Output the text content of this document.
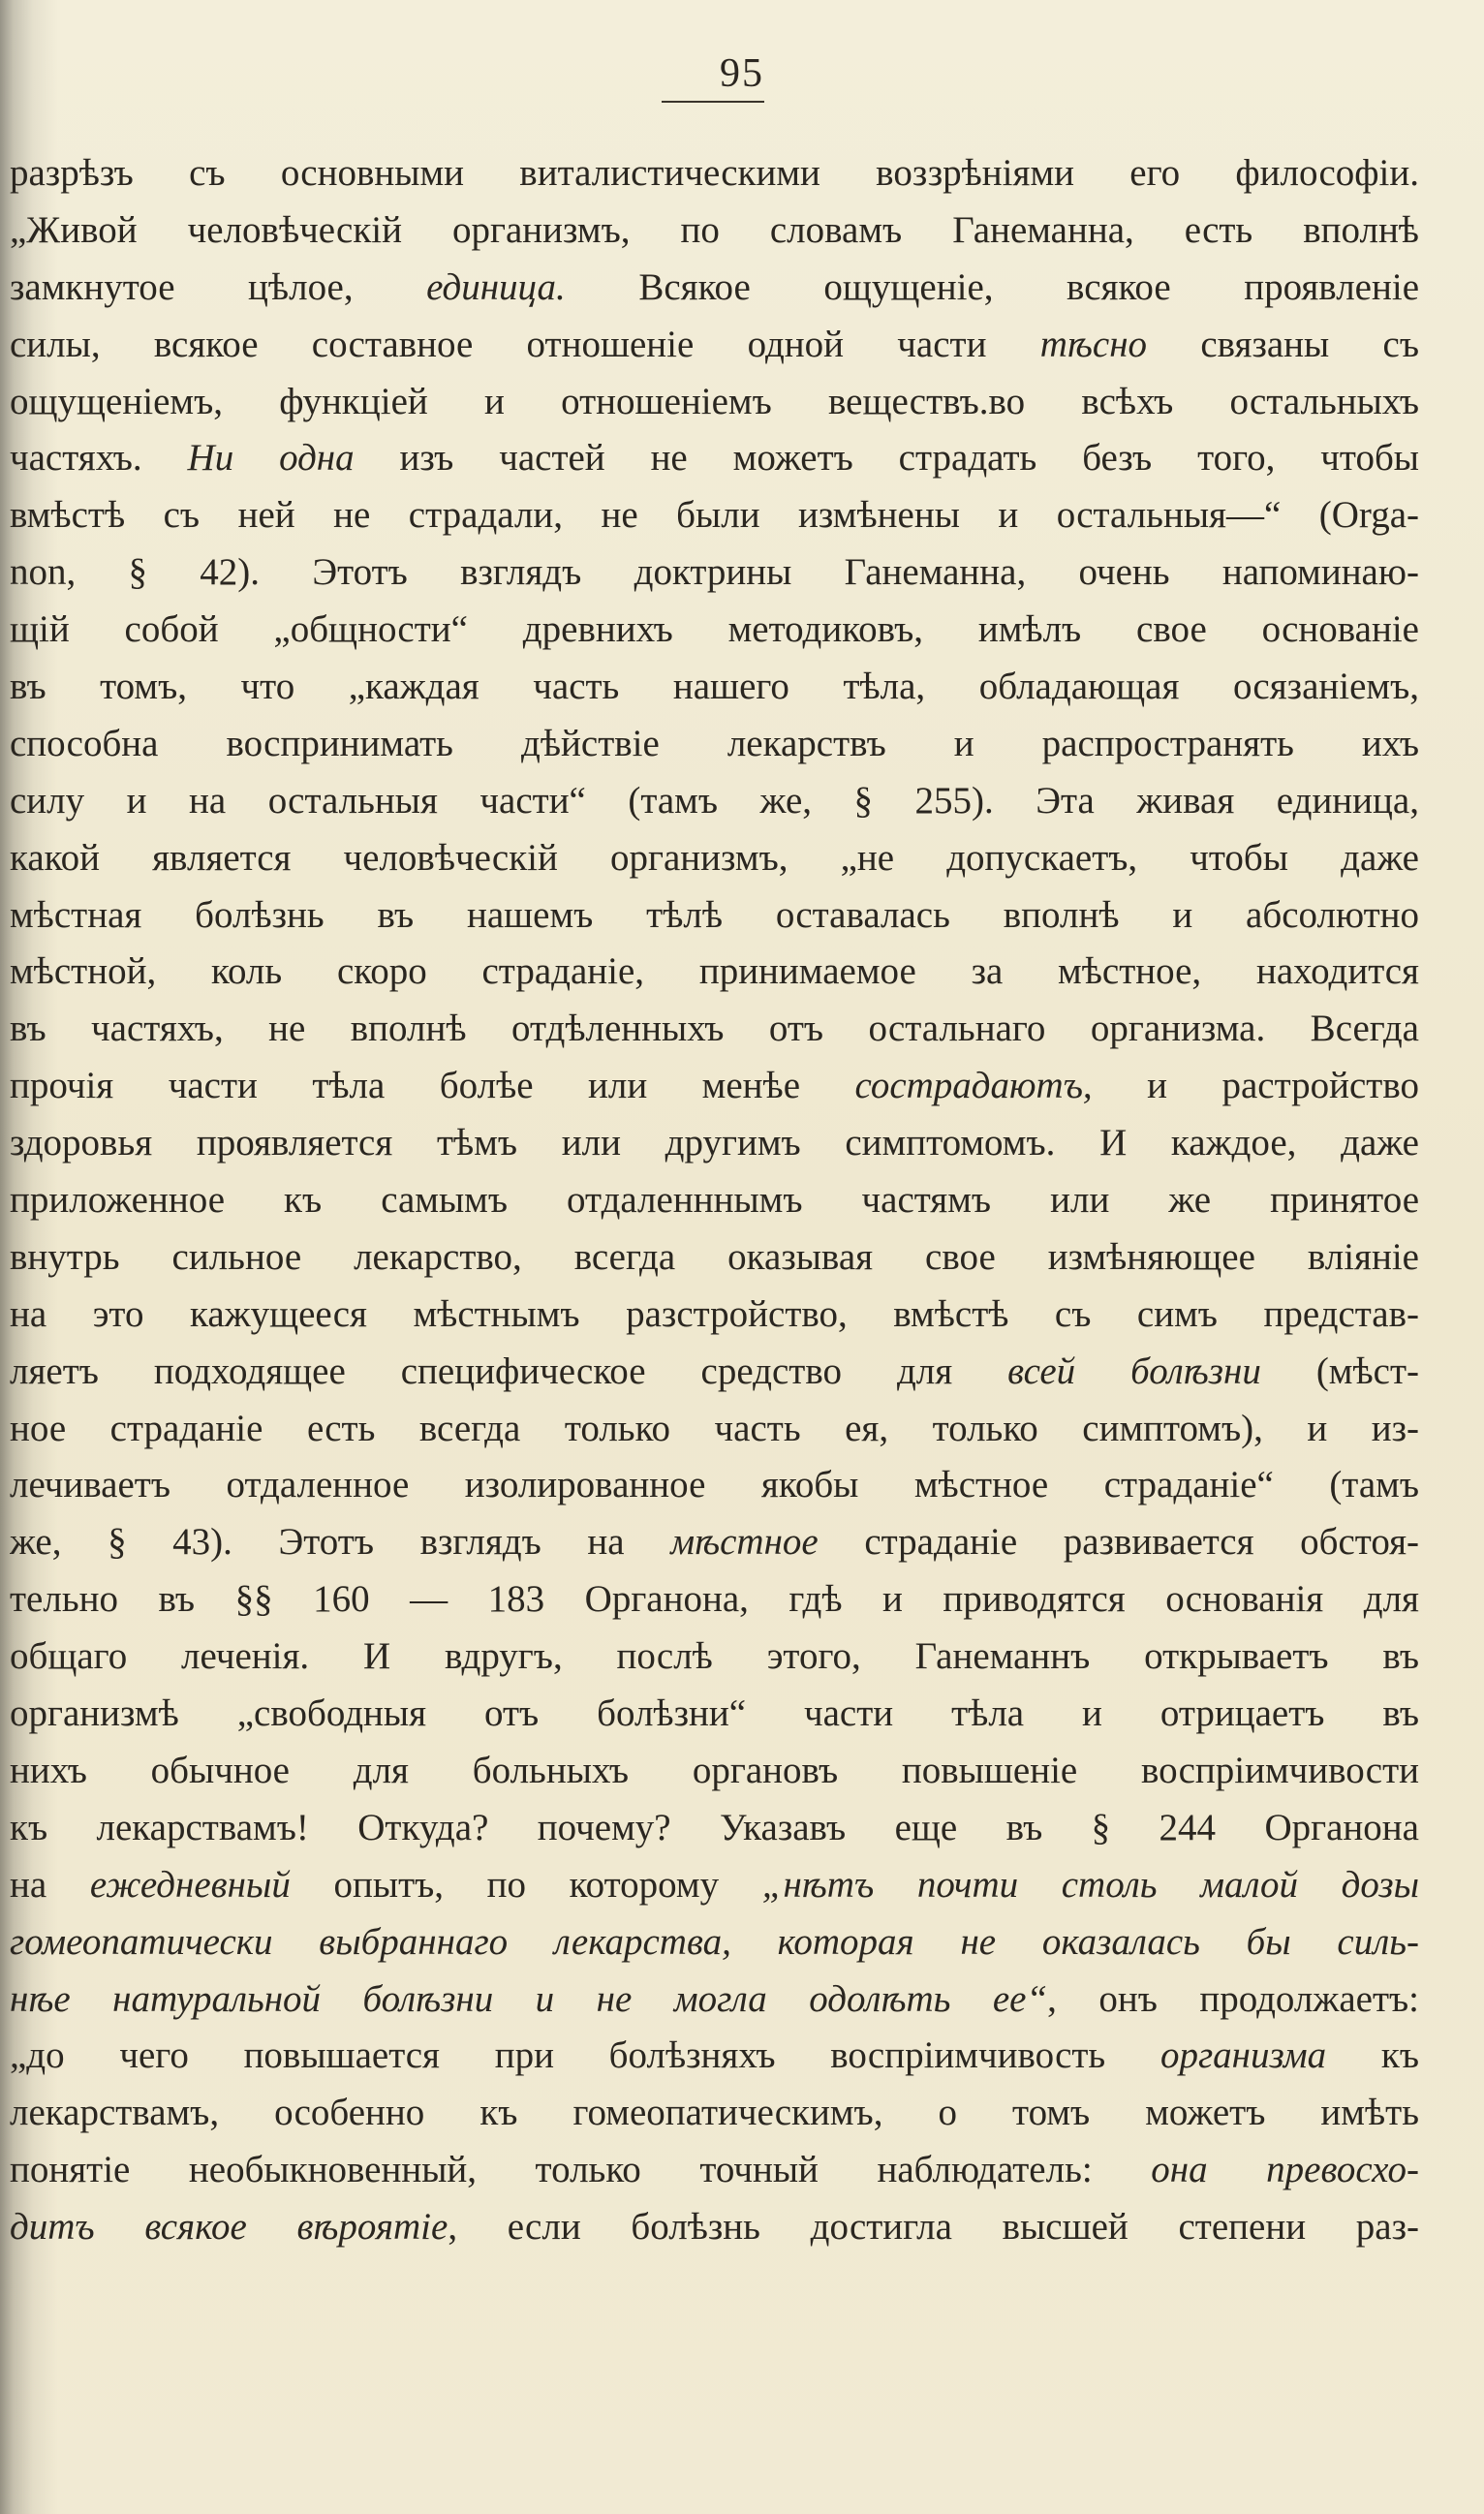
95
разрѣзъ съ основными виталистическими воззрѣніями его философіи.
„Живой человѣческій организмъ, по словамъ Ганеманна, есть вполнѣ
замкнутое цѣлое, единица. Всякое ощущеніе, всякое проявленіе
силы, всякое составное отношеніе одной части тѣсно связаны съ
ощущеніемъ, функціей и отношеніемъ веществъ.во всѣхъ остальныхъ
частяхъ. Ни одна изъ частей не можетъ страдать безъ того, чтобы
вмѣстѣ съ ней не страдали, не были измѣнены и остальныя—“ (Orga-
non, § 42). Этотъ взглядъ доктрины Ганеманна, очень напоминаю-
щій собой „общности“ древнихъ методиковъ, имѣлъ свое основаніе
въ томъ, что „каждая часть нашего тѣла, обладающая осязаніемъ,
способна воспринимать дѣйствіе лекарствъ и распространять ихъ
силу и на остальныя части“ (тамъ же, § 255). Эта живая единица,
какой является человѣческій организмъ, „не допускаетъ, чтобы даже
мѣстная болѣзнь въ нашемъ тѣлѣ оставалась вполнѣ и абсолютно
мѣстной, коль скоро страданіе, принимаемое за мѣстное, находится
въ частяхъ, не вполнѣ отдѣленныхъ отъ остальнаго организма. Всегда
прочія части тѣла болѣе или менѣе сострадаютъ, и растройство
здоровья проявляется тѣмъ или другимъ симптомомъ. И каждое, даже
приложенное къ самымъ отдаленннымъ частямъ или же принятое
внутрь сильное лекарство, всегда оказывая свое измѣняющее вліяніе
на это кажущееся мѣстнымъ разстройство, вмѣстѣ съ симъ представ-
ляетъ подходящее специфическое средство для всей болѣзни (мѣст-
ное страданіе есть всегда только часть ея, только симптомъ), и из-
лечиваетъ отдаленное изолированное якобы мѣстное страданіе“ (тамъ
же, § 43). Этотъ взглядъ на мѣстное страданіе развивается обстоя-
тельно въ §§ 160 — 183 Органона, гдѣ и приводятся основанія для
общаго леченія. И вдругъ, послѣ этого, Ганеманнъ открываетъ въ
организмѣ „свободныя отъ болѣзни“ части тѣла и отрицаетъ въ
нихъ обычное для больныхъ органовъ повышеніе воспріимчивости
къ лекарствамъ! Откуда? почему? Указавъ еще въ § 244 Органона
на ежедневный опытъ, по которому „нѣтъ почти столь малой дозы
гомеопатически выбраннаго лекарства, которая не оказалась бы силь-
нѣе натуральной болѣзни и не могла одолѣть ее“, онъ продолжаетъ:
„до чего повышается при болѣзняхъ воспріимчивость организма къ
лекарствамъ, особенно къ гомеопатическимъ, о томъ можетъ имѣть
понятіе необыкновенный, только точный наблюдатель: она превосхо-
дитъ всякое вѣроятіе, если болѣзнь достигла высшей степени раз-
